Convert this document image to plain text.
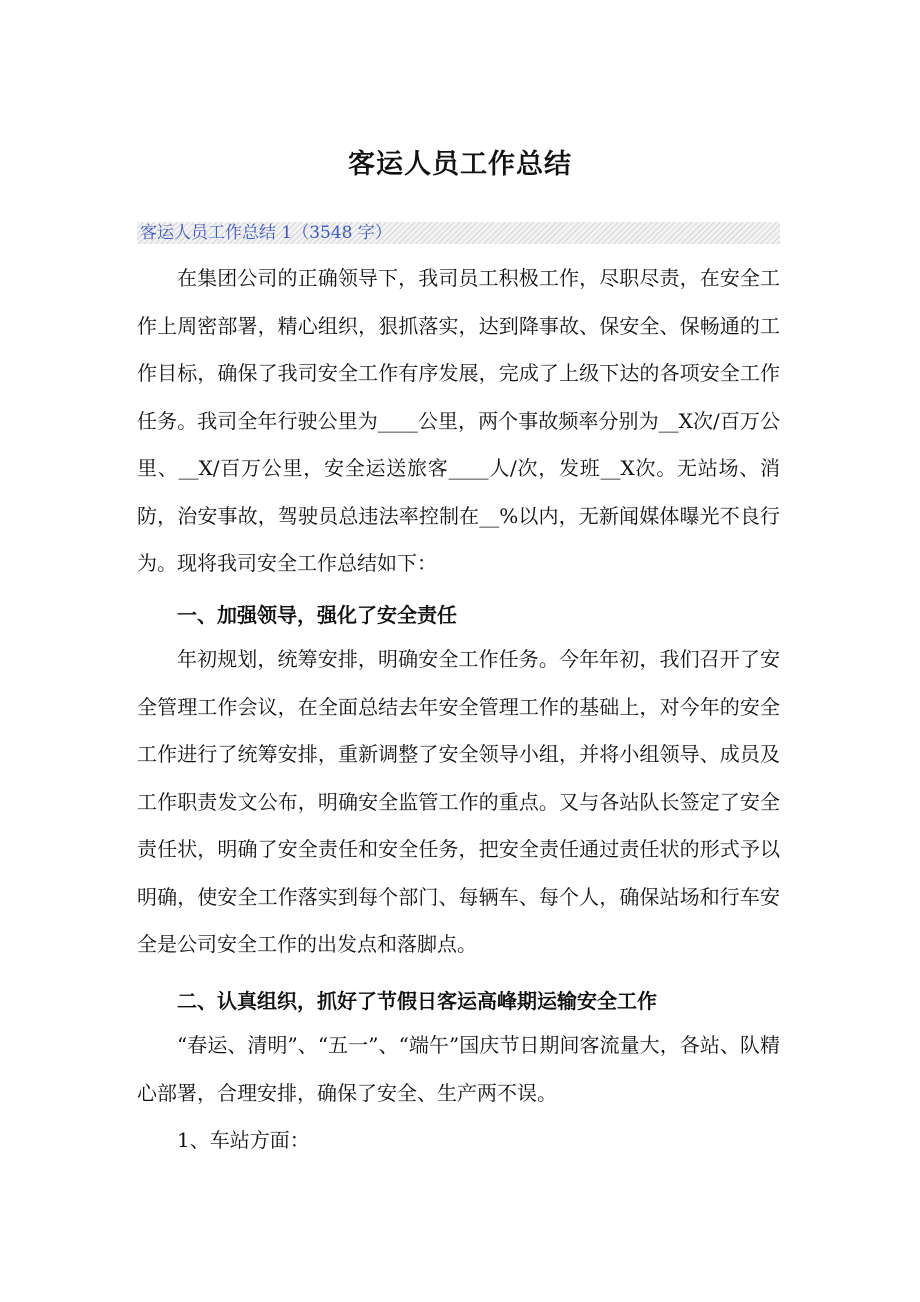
客运人员工作总结
客运人员工作总结 1（3548 字）

在集团公司的正确领导下，我司员工积极工作，尽职尽责，在安全工作上周密部署，精心组织，狠抓落实，达到降事故、保安全、保畅通的工作目标，确保了我司安全工作有序发展，完成了上级下达的各项安全工作任务。我司全年行驶公里为____公里，两个事故频率分别为__X次/百万公里、__X/百万公里，安全运送旅客____人/次，发班__X次。无站场、消防，治安事故，驾驶员总违法率控制在__%以内，无新闻媒体曝光不良行为。现将我司安全工作总结如下：

一、加强领导，强化了安全责任

年初规划，统筹安排，明确安全工作任务。今年年初，我们召开了安全管理工作会议，在全面总结去年安全管理工作的基础上，对今年的安全工作进行了统筹安排，重新调整了安全领导小组，并将小组领导、成员及工作职责发文公布，明确安全监管工作的重点。又与各站队长签定了安全责任状，明确了安全责任和安全任务，把安全责任通过责任状的形式予以明确，使安全工作落实到每个部门、每辆车、每个人，确保站场和行车安全是公司安全工作的出发点和落脚点。

二、认真组织，抓好了节假日客运高峰期运输安全工作

“春运、清明”、“五一”、“端午”国庆节日期间客流量大，各站、队精心部署，合理安排，确保了安全、生产两不误。

1、车站方面：
